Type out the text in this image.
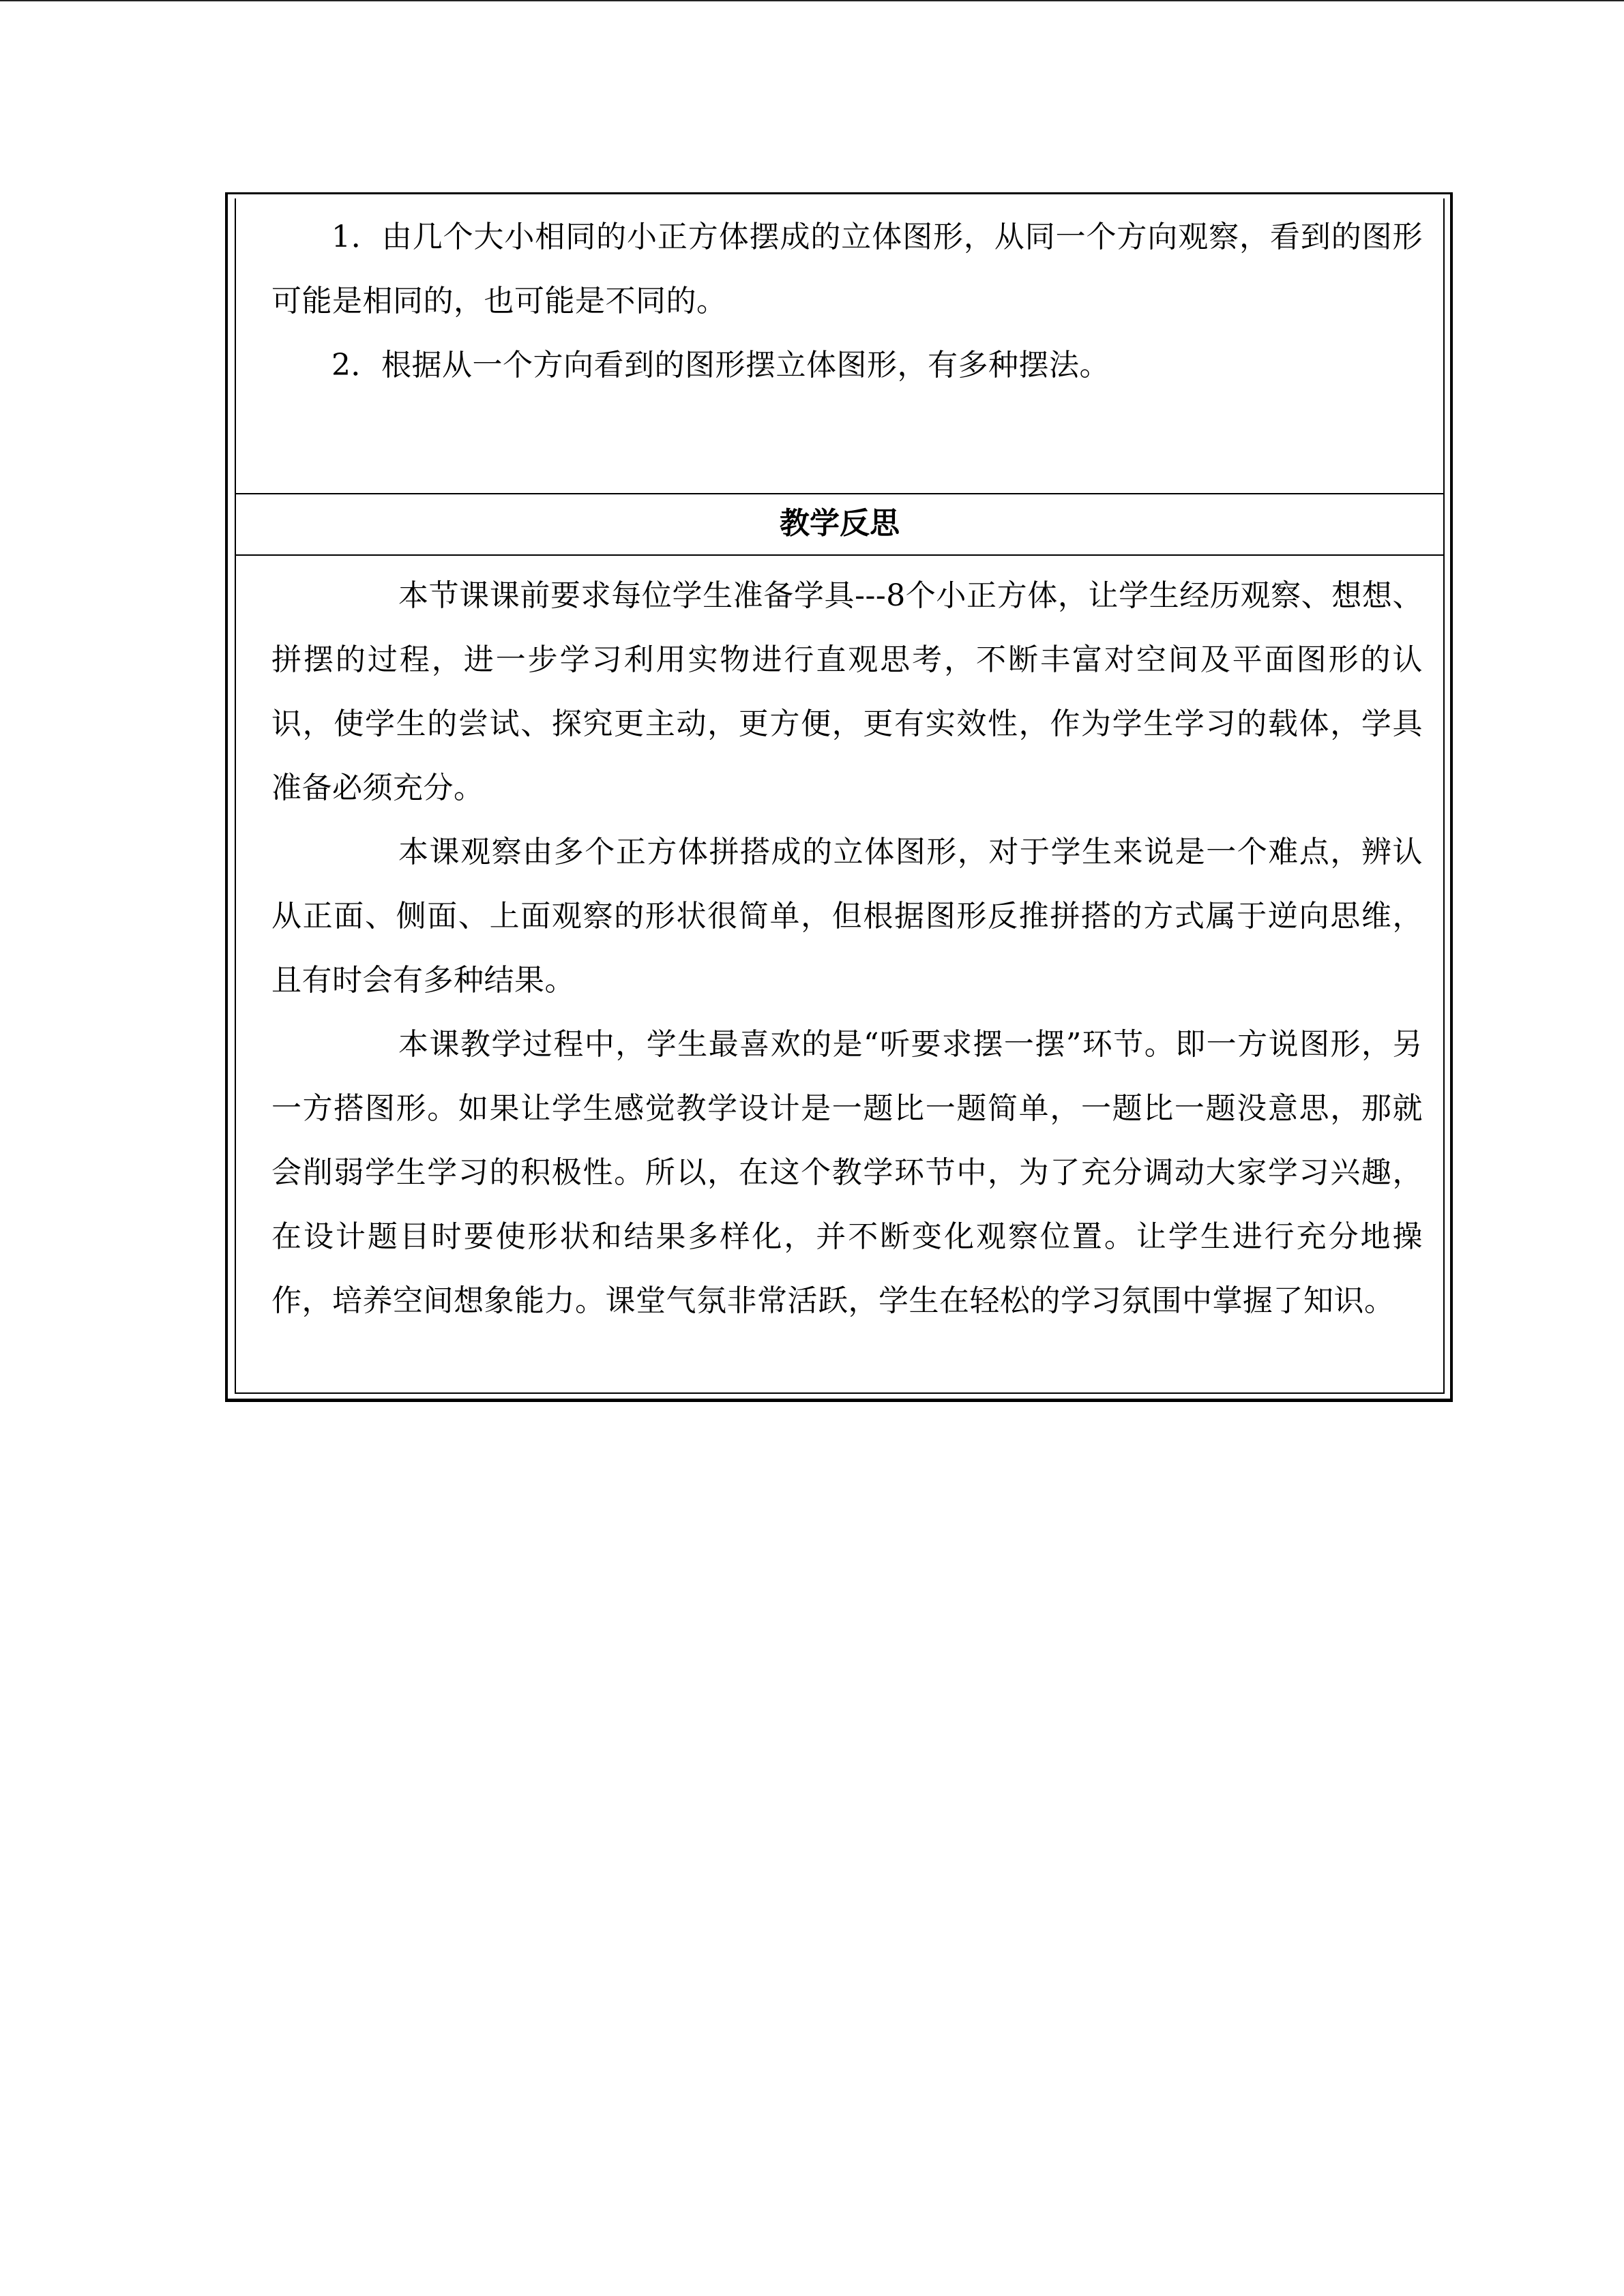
1．由几个大小相同的小正方体摆成的立体图形，从同一个方向观察，看到的图形可能是相同的，也可能是不同的。

2．根据从一个方向看到的图形摆立体图形，有多种摆法。

教学反思

本节课课前要求每位学生准备学具---8个小正方体，让学生经历观察、想想、拼摆的过程，进一步学习利用实物进行直观思考，不断丰富对空间及平面图形的认识，使学生的尝试、探究更主动，更方便，更有实效性，作为学生学习的载体，学具准备必须充分。

本课观察由多个正方体拼搭成的立体图形，对于学生来说是一个难点，辨认从正面、侧面、上面观察的形状很简单，但根据图形反推拼搭的方式属于逆向思维，且有时会有多种结果。

本课教学过程中，学生最喜欢的是“听要求摆一摆”环节。即一方说图形，另一方搭图形。如果让学生感觉教学设计是一题比一题简单，一题比一题没意思，那就会削弱学生学习的积极性。所以，在这个教学环节中，为了充分调动大家学习兴趣，在设计题目时要使形状和结果多样化，并不断变化观察位置。让学生进行充分地操作，培养空间想象能力。课堂气氛非常活跃，学生在轻松的学习氛围中掌握了知识。
